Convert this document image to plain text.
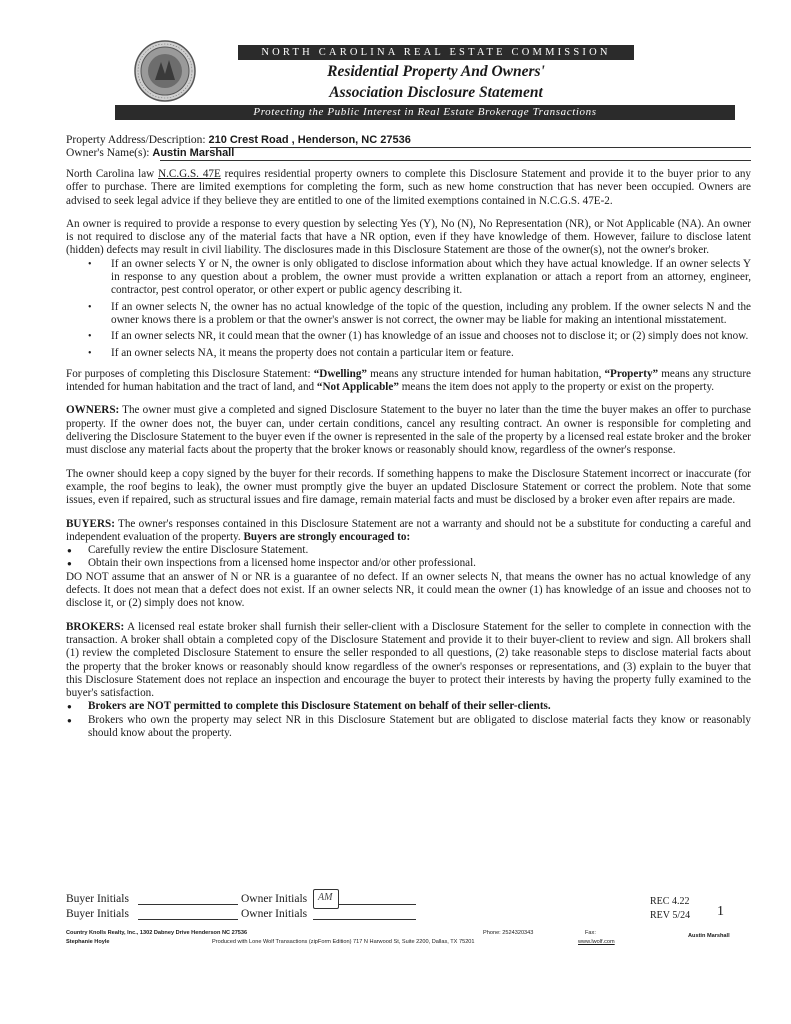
NORTH CAROLINA REAL ESTATE COMMISSION
Residential Property And Owners'
Association Disclosure Statement
Protecting the Public Interest in Real Estate Brokerage Transactions
Property Address/Description: 210 Crest Road , Henderson, NC 27536
Owner's Name(s): Austin Marshall

North Carolina law N.C.G.S. 47E requires residential property owners to complete this Disclosure Statement and provide it to the buyer prior to any offer to purchase. There are limited exemptions for completing the form, such as new home construction that has never been occupied. Owners are advised to seek legal advice if they believe they are entitled to one of the limited exemptions contained in N.C.G.S. 47E-2.

An owner is required to provide a response to every question by selecting Yes (Y), No (N), No Representation (NR), or Not Applicable (NA). An owner is not required to disclose any of the material facts that have a NR option, even if they have knowledge of them. However, failure to disclose latent (hidden) defects may result in civil liability. The disclosures made in this Disclosure Statement are those of the owner(s), not the owner's broker.

• If an owner selects Y or N, the owner is only obligated to disclose information about which they have actual knowledge. If an owner selects Y in response to any question about a problem, the owner must provide a written explanation or attach a report from an attorney, engineer, contractor, pest control operator, or other expert or public agency describing it.
• If an owner selects N, the owner has no actual knowledge of the topic of the question, including any problem. If the owner selects N and the owner knows there is a problem or that the owner's answer is not correct, the owner may be liable for making an intentional misstatement.
• If an owner selects NR, it could mean that the owner (1) has knowledge of an issue and chooses not to disclose it; or (2) simply does not know.
• If an owner selects NA, it means the property does not contain a particular item or feature.

For purposes of completing this Disclosure Statement: “Dwelling” means any structure intended for human habitation, “Property” means any structure intended for human habitation and the tract of land, and “Not Applicable” means the item does not apply to the property or exist on the property.

OWNERS: The owner must give a completed and signed Disclosure Statement to the buyer no later than the time the buyer makes an offer to purchase property. If the owner does not, the buyer can, under certain conditions, cancel any resulting contract. An owner is responsible for completing and delivering the Disclosure Statement to the buyer even if the owner is represented in the sale of the property by a licensed real estate broker and the broker must disclose any material facts about the property that the broker knows or reasonably should know, regardless of the owner's response.

The owner should keep a copy signed by the buyer for their records. If something happens to make the Disclosure Statement incorrect or inaccurate (for example, the roof begins to leak), the owner must promptly give the buyer an updated Disclosure Statement or correct the problem. Note that some issues, even if repaired, such as structural issues and fire damage, remain material facts and must be disclosed by a broker even after repairs are made.

BUYERS: The owner's responses contained in this Disclosure Statement are not a warranty and should not be a substitute for conducting a careful and independent evaluation of the property. Buyers are strongly encouraged to:

● Carefully review the entire Disclosure Statement.
● Obtain their own inspections from a licensed home inspector and/or other professional.

DO NOT assume that an answer of N or NR is a guarantee of no defect. If an owner selects N, that means the owner has no actual knowledge of any defects. It does not mean that a defect does not exist. If an owner selects NR, it could mean the owner (1) has knowledge of an issue and chooses not to disclose it, or (2) simply does not know.

BROKERS: A licensed real estate broker shall furnish their seller-client with a Disclosure Statement for the seller to complete in connection with the transaction. A broker shall obtain a completed copy of the Disclosure Statement and provide it to their buyer-client to review and sign. All brokers shall (1) review the completed Disclosure Statement to ensure the seller responded to all questions, (2) take reasonable steps to disclose material facts about the property that the broker knows or reasonably should know regardless of the owner's responses or representations, and (3) explain to the buyer that this Disclosure Statement does not replace an inspection and encourage the buyer to protect their interests by having the property fully examined to the buyer's satisfaction.

● Brokers are NOT permitted to complete this Disclosure Statement on behalf of their seller-clients.
● Brokers who own the property may select NR in this Disclosure Statement but are obligated to disclose material facts they know or reasonably should know about the property.
Buyer Initials	Owner Initials AM
Buyer Initials	Owner Initials
REC 4.22
REV 5/24 1
Country Knolls Realty, Inc., 1302 Dabney Drive Henderson NC 27536
Stephanie Hoyle
Phone: 2524320343	Fax:	Austin Marshall
Produced with Lone Wolf Transactions (zipForm Edition) 717 N Harwood St, Suite 2200, Dallas, TX 75201	www.lwolf.com
